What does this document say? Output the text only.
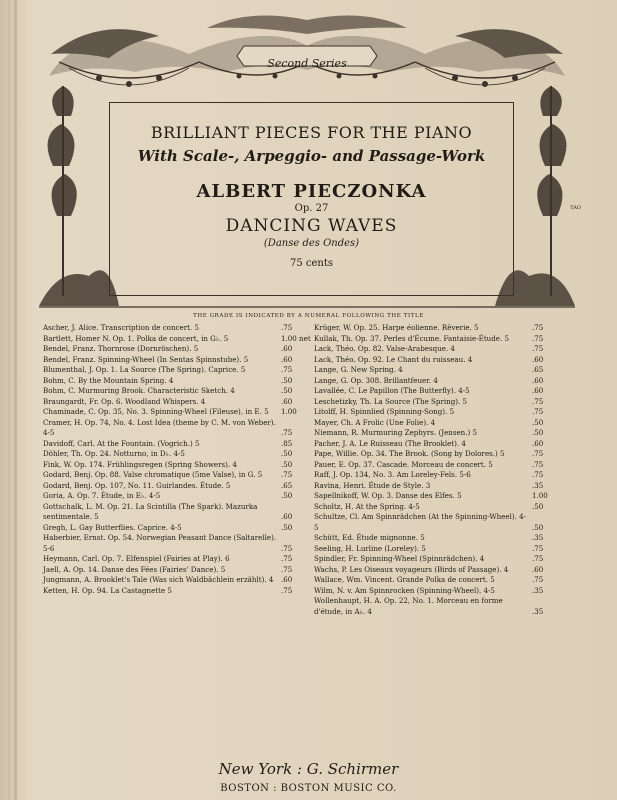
Second Series
BRILLIANT PIECES FOR THE PIANO
With Scale-, Arpeggio- and Passage-Work
ALBERT PIECZONKA
Op. 27
DANCING WAVES
(Danse des Ondes)
75 cents
TAO
THE GRADE IS INDICATED BY A NUMERAL FOLLOWING THE TITLE
Ascher, J. Alice. Transcription de concert. 5	.75
Bartlett, Homer N. Op. 1. Polka de concert, in G♭. 5	1.00 net
Bendel, Franz. Thornrose (Dornröschen). 5	.60
Bendel, Franz. Spinning-Wheel (In Sentas Spinnstube). 5	.60
Blumenthal, J. Op. 1. La Source (The Spring). Caprice. 5	.75
Bohm, C. By the Mountain Spring. 4	.50
Bohm, C. Murmuring Brook. Characteristic Sketch. 4	.50
Braungardt, Fr. Op. 6. Woodland Whispers. 4	.60
Chaminade, C. Op. 35, No. 3. Spinning-Wheel (Fileuse), in E. 5 1.00
Cramer, H. Op. 74, No. 4. Lost Idea (theme by C. M. von Weber). 4-5	.75
Davidoff, Carl. At the Fountain. (Vogrich.) 5	.85
Döhler, Th. Op. 24. Notturno, in D♭. 4-5	.50
Fink, W. Op. 174. Frühlingsregen (Spring Showers). 4	.50
Godard, Benj. Op. 88. Valse chromatique (5me Valse), in G. 5	.75
Godard, Benj. Op. 107, No. 11. Guirlandes. Étude. 5	.65
Goria, A. Op. 7. Étude, in E♭. 4-5	.50
Gottschalk, L. M. Op. 21. La Scintilla (The Spark). Mazurka sentimentale. 5	.60
Gregh, L. Gay Butterflies. Caprice. 4-5	.50
Haberbier, Ernst. Op. 54. Norwegian Peasant Dance (Saltarelle). 5-6	.75
Heymann, Carl. Op. 7. Elfenspiel (Fairies at Play). 6	.75
Jaell, A. Op. 14. Danse des Fées (Fairies' Dance). 5	.75
Jungmann, A. Brooklet's Tale (Was sich Waldbächlein erzählt). 4 .60
Ketten, H. Op. 94. La Castagnette 5	.75
Krüger, W. Op. 25. Harpe éolienne. Rêverie. 5	.75
Kullak, Th. Op. 37. Perles d'Écume. Fantaisie-Étude. 5	.75
Lack, Théo. Op. 82. Valse-Arabesque. 4	.75
Lack, Théo. Op. 92. Le Chant du ruisseau. 4	.60
Lange, G. New Spring. 4	.65
Lange, G. Op. 308. Brillantfeuer. 4	.60
Lavallée, C. Le Papillon (The Butterfly). 4-5	.60
Leschetizky, Th. La Source (The Spring). 5	.75
Litolff, H. Spinnlied (Spinning-Song). 5	.75
Mayer, Ch. A Frolic (Une Folie). 4	.50
Niemann, R. Murmuring Zephyrs. (Jensen.) 5	.50
Pacher, J. A. Le Ruisseau (The Brooklet). 4	.60
Pape, Willie. Op. 34. The Brook. (Song by Dolores.) 5	.75
Pauer, E. Op. 37. Cascade. Morceau de concert. 5	.75
Raff, J. Op. 134, No. 3. Am Loreley-Fels. 5-6	.75
Ravina, Henri. Étude de Style. 3	.35
Sapellnikoff, W. Op. 3. Danse des Elfes. 5	1.00
Scholtz, H. At the Spring. 4-5	.50
Schultze, Cl. Am Spinnrädchen (At the Spinning-Wheel). 4-5	.50
Schütt, Ed. Étude mignonne. 5	.35
Seeling, H. Lurline (Loreley). 5	.75
Spindler, Fr. Spinning-Wheel (Spinnrädchen). 4	.75
Wachs, P. Les Oiseaux voyageurs (Birds of Passage). 4	.60
Wallace, Wm. Vincent. Grande Polka de concert. 5	.75
Wilm, N. v. Am Spinnrocken (Spinning-Wheel). 4-5	.35
Wollenhaupt, H. A. Op. 22, No. 1. Morceau en forme d'étude, in A♭. 4	.35
New York : G. Schirmer
BOSTON : BOSTON MUSIC CO.
